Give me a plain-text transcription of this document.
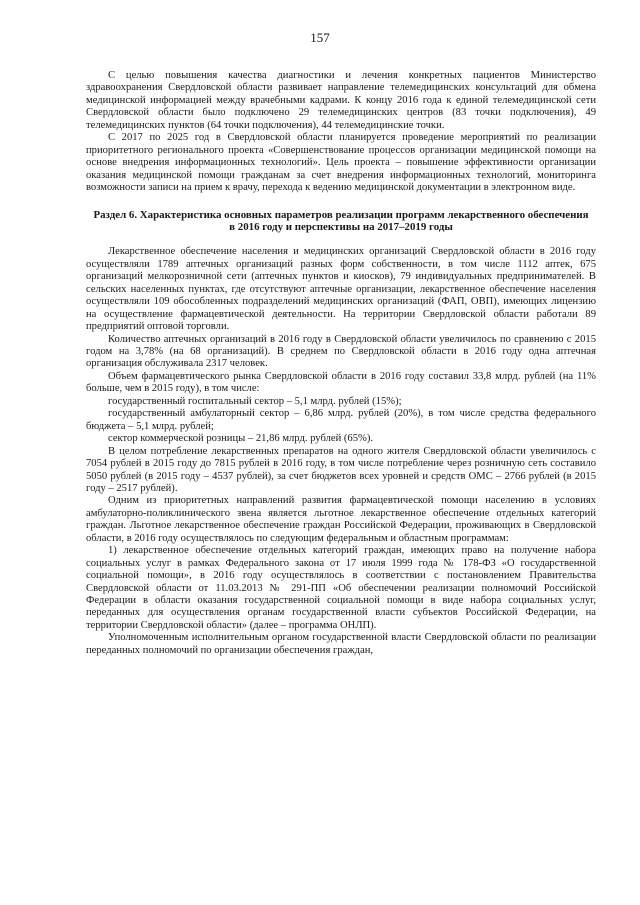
157

С целью повышения качества диагностики и лечения конкретных пациентов Министерство здравоохранения Свердловской области развивает направление телемедицинских консультаций для обмена медицинской информацией между врачебными кадрами. К концу 2016 года к единой телемедицинской сети Свердловской области было подключено 29 телемедицинских центров (83 точки подключения), 49 телемедицинских пунктов (64 точки подключения), 44 телемедицинские точки.

С 2017 по 2025 год в Свердловской области планируется проведение мероприятий по реализации приоритетного регионального проекта «Совершенствование процессов организации медицинской помощи на основе внедрения информационных технологий». Цель проекта – повышение эффективности организации оказания медицинской помощи гражданам за счет внедрения информационных технологий, мониторинга возможности записи на прием к врачу, перехода к ведению медицинской документации в электронном виде.

Раздел 6. Характеристика основных параметров реализации программ лекарственного обеспечения в 2016 году и перспективы на 2017–2019 годы

Лекарственное обеспечение населения и медицинских организаций Свердловской области в 2016 году осуществляли 1789 аптечных организаций разных форм собственности, в том числе 1112 аптек, 675 организаций мелкорозничной сети (аптечных пунктов и киосков), 79 индивидуальных предпринимателей. В сельских населенных пунктах, где отсутствуют аптечные организации, лекарственное обеспечение населения осуществляли 109 обособленных подразделений медицинских организаций (ФАП, ОВП), имеющих лицензию на осуществление фармацевтической деятельности. На территории Свердловской области работали 89 предприятий оптовой торговли.

Количество аптечных организаций в 2016 году в Свердловской области увеличилось по сравнению с 2015 годом на 3,78% (на 68 организаций). В среднем по Свердловской области в 2016 году одна аптечная организация обслуживала 2317 человек.

Объем фармацевтического рынка Свердловской области в 2016 году составил 33,8 млрд. рублей (на 11% больше, чем в 2015 году), в том числе:

государственный госпитальный сектор – 5,1 млрд. рублей (15%);

государственный амбулаторный сектор – 6,86 млрд. рублей (20%), в том числе средства федерального бюджета – 5,1 млрд. рублей;

сектор коммерческой розницы – 21,86 млрд. рублей (65%).

В целом потребление лекарственных препаратов на одного жителя Свердловской области увеличилось с 7054 рублей в 2015 году до 7815 рублей в 2016 году, в том числе потребление через розничную сеть составило 5050 рублей (в 2015 году – 4537 рублей), за счет бюджетов всех уровней и средств ОМС – 2766 рублей (в 2015 году – 2517 рублей).

Одним из приоритетных направлений развития фармацевтической помощи населению в условиях амбулаторно-поликлинического звена является льготное лекарственное обеспечение отдельных категорий граждан. Льготное лекарственное обеспечение граждан Российской Федерации, проживающих в Свердловской области, в 2016 году осуществлялось по следующим федеральным и областным программам:

1) лекарственное обеспечение отдельных категорий граждан, имеющих право на получение набора социальных услуг в рамках Федерального закона от 17 июля 1999 года № 178-ФЗ «О государственной социальной помощи», в 2016 году осуществлялось в соответствии с постановлением Правительства Свердловской области от 11.03.2013 № 291-ПП «Об обеспечении реализации полномочий Российской Федерации в области оказания государственной социальной помощи в виде набора социальных услуг, переданных для осуществления органам государственной власти субъектов Российской Федерации, на территории Свердловской области» (далее – программа ОНЛП).

Уполномоченным исполнительным органом государственной власти Свердловской области по реализации переданных полномочий по организации обеспечения граждан,
